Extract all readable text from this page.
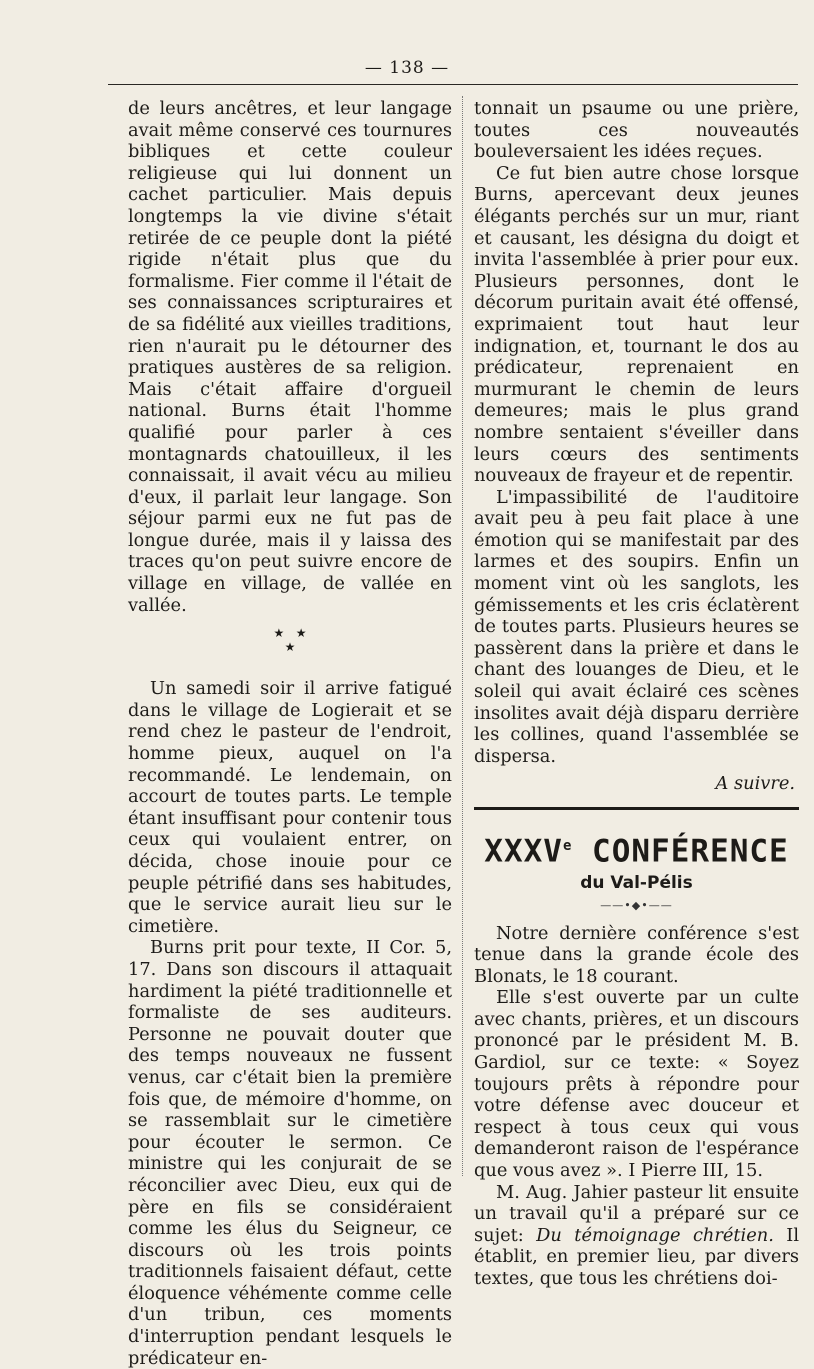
— 138 —

de leurs ancêtres, et leur langage avait même conservé ces tournures bibliques et cette couleur religieuse qui lui donnent un cachet particulier. Mais depuis longtemps la vie divine s'était retirée de ce peuple dont la piété rigide n'était plus que du formalisme. Fier comme il l'était de ses connaissances scripturaires et de sa fidélité aux vieilles traditions, rien n'aurait pu le détourner des pratiques austères de sa religion. Mais c'était affaire d'orgueil national. Burns était l'homme qualifié pour parler à ces montagnards chatouilleux, il les connaissait, il avait vécu au milieu d'eux, il parlait leur langage. Son séjour parmi eux ne fut pas de longue durée, mais il y laissa des traces qu'on peut suivre encore de village en village, de vallée en vallée.

★   ★
★

Un samedi soir il arrive fatigué dans le village de Logierait et se rend chez le pasteur de l'endroit, homme pieux, auquel on l'a recommandé. Le lendemain, on accourt de toutes parts. Le temple étant insuffisant pour contenir tous ceux qui voulaient entrer, on décida, chose inouie pour ce peuple pétrifié dans ses habitudes, que le service aurait lieu sur le cimetière.

Burns prit pour texte, II Cor. 5, 17. Dans son discours il attaquait hardiment la piété traditionnelle et formaliste de ses auditeurs. Personne ne pouvait douter que des temps nouveaux ne fussent venus, car c'était bien la première fois que, de mémoire d'homme, on se rassemblait sur le cimetière pour écouter le sermon. Ce ministre qui les conjurait de se réconcilier avec Dieu, eux qui de père en fils se considéraient comme les élus du Seigneur, ce discours où les trois points traditionnels faisaient défaut, cette éloquence véhémente comme celle d'un tribun, ces moments d'interruption pendant lesquels le prédicateur en-

tonnait un psaume ou une prière, toutes ces nouveautés bouleversaient les idées reçues.

Ce fut bien autre chose lorsque Burns, apercevant deux jeunes élégants perchés sur un mur, riant et causant, les désigna du doigt et invita l'assemblée à prier pour eux. Plusieurs personnes, dont le décorum puritain avait été offensé, exprimaient tout haut leur indignation, et, tournant le dos au prédicateur, reprenaient en murmurant le chemin de leurs demeures; mais le plus grand nombre sentaient s'éveiller dans leurs cœurs des sentiments nouveaux de frayeur et de repentir.

L'impassibilité de l'auditoire avait peu à peu fait place à une émotion qui se manifestait par des larmes et des soupirs. Enfin un moment vint où les sanglots, les gémissements et les cris éclatèrent de toutes parts. Plusieurs heures se passèrent dans la prière et dans le chant des louanges de Dieu, et le soleil qui avait éclairé ces scènes insolites avait déjà disparu derrière les collines, quand l'assemblée se dispersa.

A suivre.
XXXVe CONFÉRENCE
du Val-Pélis
——•◆•——

Notre dernière conférence s'est tenue dans la grande école des Blonats, le 18 courant.

Elle s'est ouverte par un culte avec chants, prières, et un discours prononcé par le président M. B. Gardiol, sur ce texte: « Soyez toujours prêts à répondre pour votre défense avec douceur et respect à tous ceux qui vous demanderont raison de l'espérance que vous avez ». I Pierre III, 15.

M. Aug. Jahier pasteur lit ensuite un travail qu'il a préparé sur ce sujet: Du témoignage chrétien. Il établit, en premier lieu, par divers textes, que tous les chrétiens doi-
